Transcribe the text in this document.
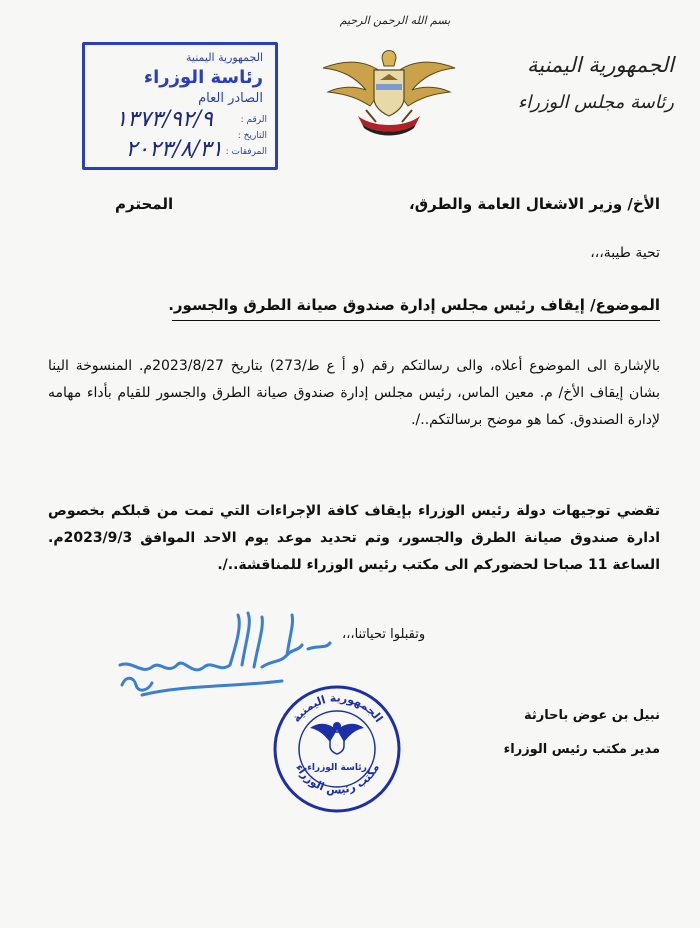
بسم الله الرحمن الرحيم
الجمهورية اليمنية
رئاسة مجلس الوزراء
الجمهورية اليمنية
رئاسة الوزراء
الصادر العام
الرقم :
التاريخ :
المرفقات :
١٣٧٣/٩٢/٩
٢٠٢٣/٨/٣١
الأخ/ وزير الاشغال العامة والطرق،
المحترم
تحية طيبة،،،
الموضوع/ إيقاف رئيس مجلس إدارة صندوق صيانة الطرق والجسور.
بالإشارة الى الموضوع أعلاه، والى رسالتكم رقم (و أ ع ط/273) بتاريخ 2023/8/27م. المنسوخة الينا بشان إيقاف الأخ/ م. معين الماس، رئيس مجلس إدارة صندوق صيانة الطرق والجسور للقيام بأداء مهامه لإدارة الصندوق. كما هو موضح برسالتكم../.
تقضي توجيهات دولة رئيس الوزراء بإيقاف كافة الإجراءات التي تمت من قبلكم بخصوص ادارة صندوق صيانة الطرق والجسور، وتم تحديد موعد يوم الاحد الموافق 2023/9/3م. الساعة 11 صباحا لحضوركم الى مكتب رئيس الوزراء للمناقشة../.
وتقبلوا تحياتنا،،،
الجمهورية اليمنية
مكتب رئيس الوزراء
رئاسة الوزراء
نبيل بن عوض باحارثة
مدير مكتب رئيس الوزراء
